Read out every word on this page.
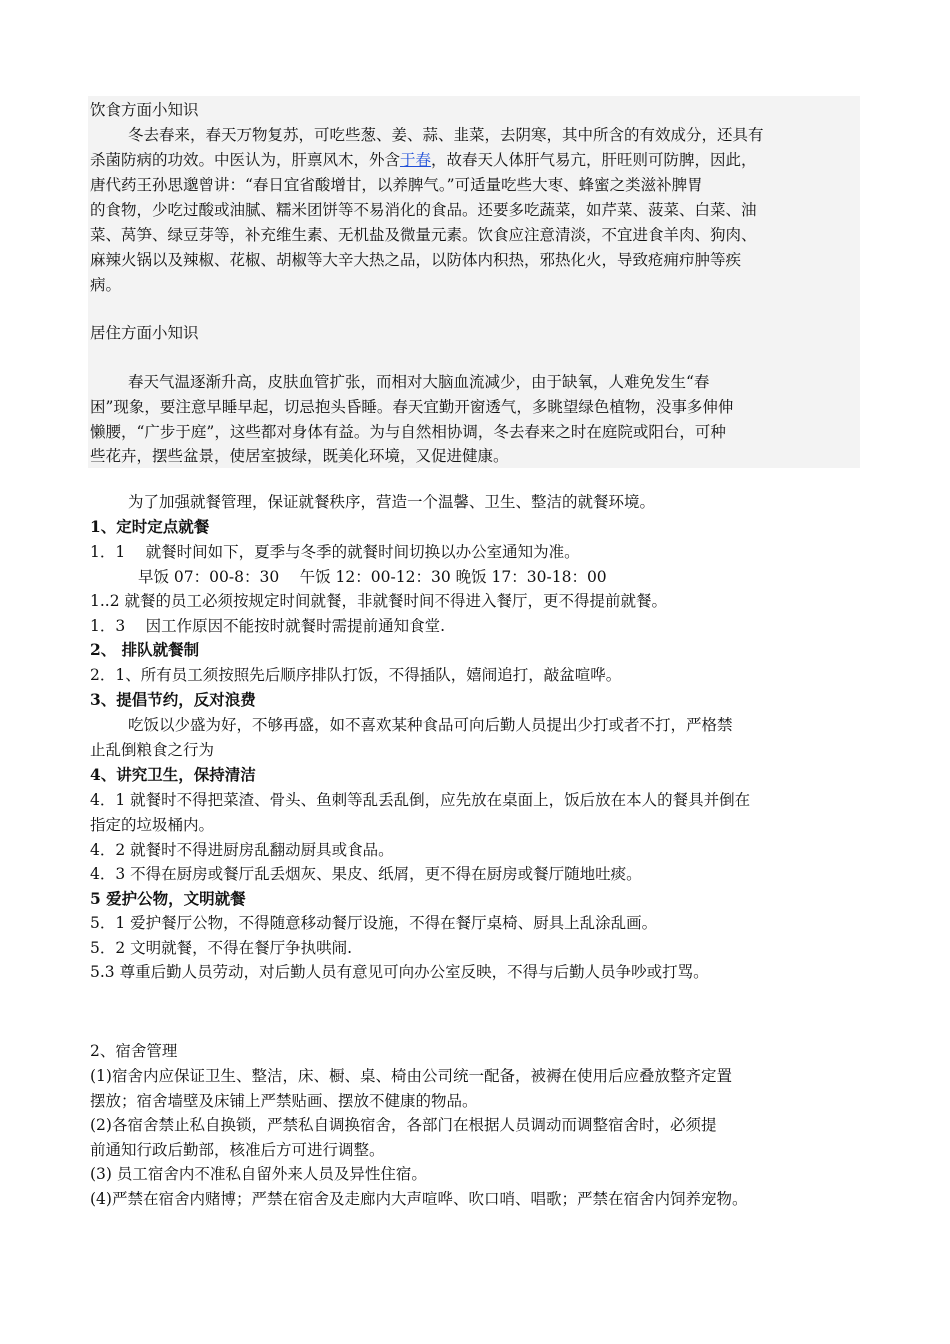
饮食方面小知识
冬去春来，春天万物复苏，可吃些葱、姜、蒜、韭菜，去阴寒，其中所含的有效成分，还具有
杀菌防病的功效。中医认为，肝禀风木，外含于春，故春天人体肝气易亢，肝旺则可防脾，因此，
唐代药王孙思邈曾讲：“春日宜省酸增甘，以养脾气。”可适量吃些大枣、蜂蜜之类滋补脾胃
的食物，少吃过酸或油腻、糯米团饼等不易消化的食品。还要多吃蔬菜，如芹菜、菠菜、白菜、油
菜、莴笋、绿豆芽等，补充维生素、无机盐及微量元素。饮食应注意清淡，不宜进食羊肉、狗肉、
麻辣火锅以及辣椒、花椒、胡椒等大辛大热之品，以防体内积热，邪热化火，导致疮痈疖肿等疾
病。
居住方面小知识
春天气温逐渐升高，皮肤血管扩张，而相对大脑血流减少，由于缺氧，人难免发生“春
困”现象，要注意早睡早起，切忌抱头昏睡。春天宜勤开窗透气，多眺望绿色植物，没事多伸伸
懒腰，“广步于庭”，这些都对身体有益。为与自然相协调，冬去春来之时在庭院或阳台，可种
些花卉，摆些盆景，使居室披绿，既美化环境，又促进健康。
为了加强就餐管理，保证就餐秩序，营造一个温馨、卫生、整洁的就餐环境。
1、定时定点就餐
1．1　 就餐时间如下，夏季与冬季的就餐时间切换以办公室通知为准。
早饭 07：00-8：30　 午饭 12：00-12：30 晚饭 17：30-18：00
1..2 就餐的员工必须按规定时间就餐，非就餐时间不得进入餐厅，更不得提前就餐。
1．3　 因工作原因不能按时就餐时需提前通知食堂.
2、 排队就餐制
2．1、所有员工须按照先后顺序排队打饭，不得插队，嬉闹追打，敲盆喧哗。
3、提倡节约，反对浪费
吃饭以少盛为好，不够再盛，如不喜欢某种食品可向后勤人员提出少打或者不打，严格禁
止乱倒粮食之行为
4、讲究卫生，保持清洁
4．1 就餐时不得把菜渣、骨头、鱼刺等乱丢乱倒，应先放在桌面上，饭后放在本人的餐具并倒在
指定的垃圾桶内。
4．2 就餐时不得进厨房乱翻动厨具或食品。
4．3 不得在厨房或餐厅乱丢烟灰、果皮、纸屑，更不得在厨房或餐厅随地吐痰。
5 爱护公物，文明就餐
5．1 爱护餐厅公物，不得随意移动餐厅设施，不得在餐厅桌椅、厨具上乱涂乱画。
5．2 文明就餐，不得在餐厅争执哄闹.
5.3 尊重后勤人员劳动，对后勤人员有意见可向办公室反映，不得与后勤人员争吵或打骂。
2、宿舍管理
(1)宿舍内应保证卫生、整洁，床、橱、桌、椅由公司统一配备，被褥在使用后应叠放整齐定置
摆放；宿舍墙壁及床铺上严禁贴画、摆放不健康的物品。
(2)各宿舍禁止私自换锁，严禁私自调换宿舍，各部门在根据人员调动而调整宿舍时，必须提
前通知行政后勤部，核准后方可进行调整。
(3) 员工宿舍内不准私自留外来人员及异性住宿。
(4)严禁在宿舍内赌博；严禁在宿舍及走廊内大声喧哗、吹口哨、唱歌；严禁在宿舍内饲养宠物。
